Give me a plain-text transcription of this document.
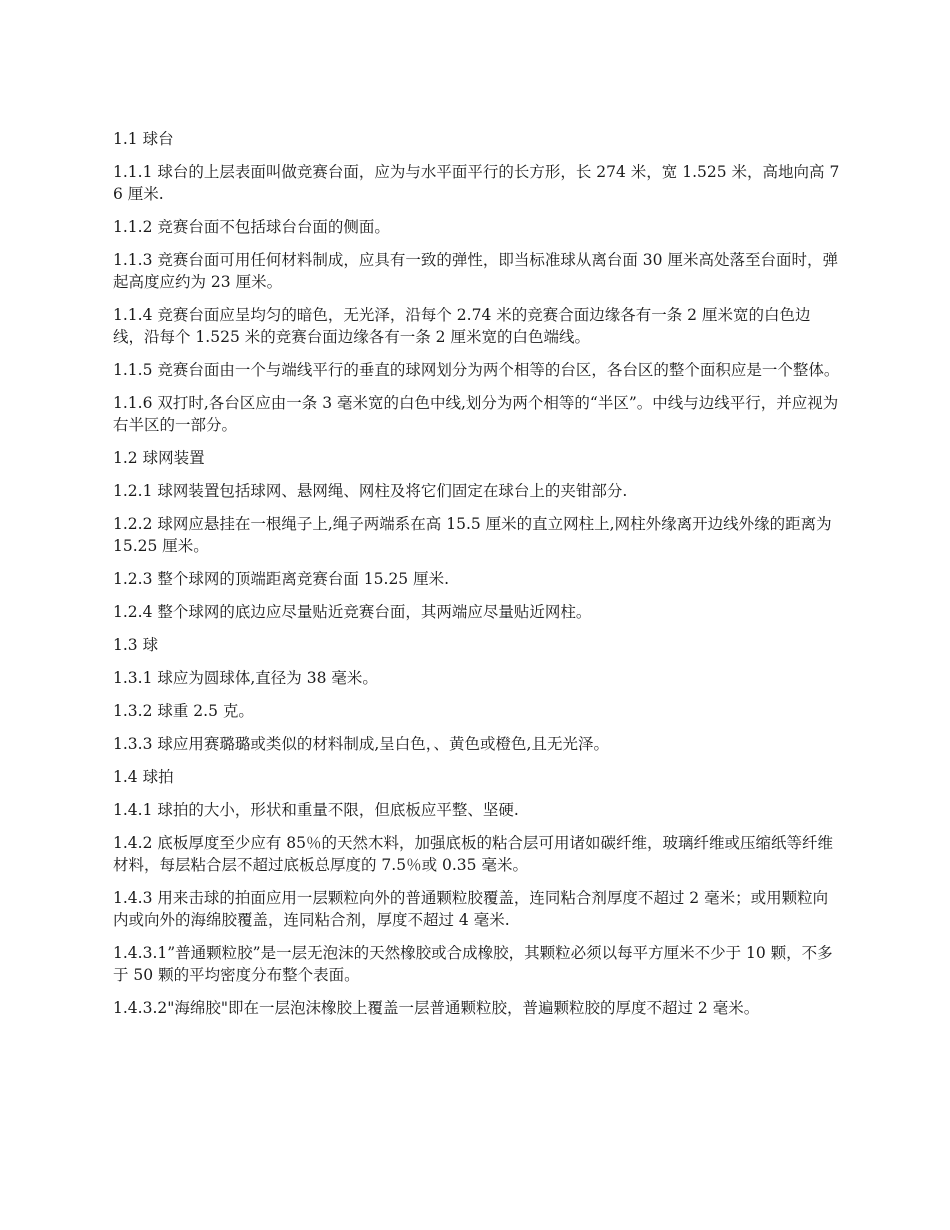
1.1 球台

1.1.1 球台的上层表面叫做竞赛台面，应为与水平面平行的长方形，长 274 米，宽 1.525 米，高地向高 76 厘米.

1.1.2 竞赛台面不包括球台台面的侧面。

1.1.3 竞赛台面可用任何材料制成，应具有一致的弹性，即当标准球从离台面 30 厘米高处落至台面时，弹起高度应约为 23 厘米。

1.1.4 竞赛台面应呈均匀的暗色，无光泽，沿每个 2.74 米的竞赛合面边缘各有一条 2 厘米宽的白色边线，沿每个 1.525 米的竞赛台面边缘各有一条 2 厘米宽的白色端线。

1.1.5 竞赛台面由一个与端线平行的垂直的球网划分为两个相等的台区，各台区的整个面积应是一个整体。

1.1.6 双打时,各台区应由一条 3 毫米宽的白色中线,划分为两个相等的“半区”。中线与边线平行，并应视为右半区的一部分。

1.2 球网装置

1.2.1 球网装置包括球网、悬网绳、网柱及将它们固定在球台上的夹钳部分.

1.2.2 球网应悬挂在一根绳子上,绳子两端系在高 15.5 厘米的直立网柱上,网柱外缘离开边线外缘的距离为 15.25 厘米。

1.2.3 整个球网的顶端距离竞赛台面 15.25 厘米.

1.2.4 整个球网的底边应尽量贴近竞赛台面，其两端应尽量贴近网柱。

1.3 球

1.3.1 球应为圆球体,直径为 38 毫米。

1.3.2 球重 2.5 克。

1.3.3 球应用赛璐璐或类似的材料制成,呈白色，、黄色或橙色,且无光泽。

1.4 球拍

1.4.1 球拍的大小，形状和重量不限，但底板应平整、坚硬.

1.4.2 底板厚度至少应有 85％的天然木料，加强底板的粘合层可用诸如碳纤维，玻璃纤维或压缩纸等纤维材料，每层粘合层不超过底板总厚度的 7.5％或 0.35 毫米。

1.4.3 用来击球的拍面应用一层颗粒向外的普通颗粒胶覆盖，连同粘合剂厚度不超过 2 毫米；或用颗粒向内或向外的海绵胶覆盖，连同粘合剂，厚度不超过 4 毫米.

1.4.3.1”普通颗粒胶”是一层无泡沫的天然橡胶或合成橡胶，其颗粒必须以每平方厘米不少于 10 颗，不多于 50 颗的平均密度分布整个表面。

1.4.3.2"海绵胶"即在一层泡沫橡胶上覆盖一层普通颗粒胶，普遍颗粒胶的厚度不超过 2 毫米。
